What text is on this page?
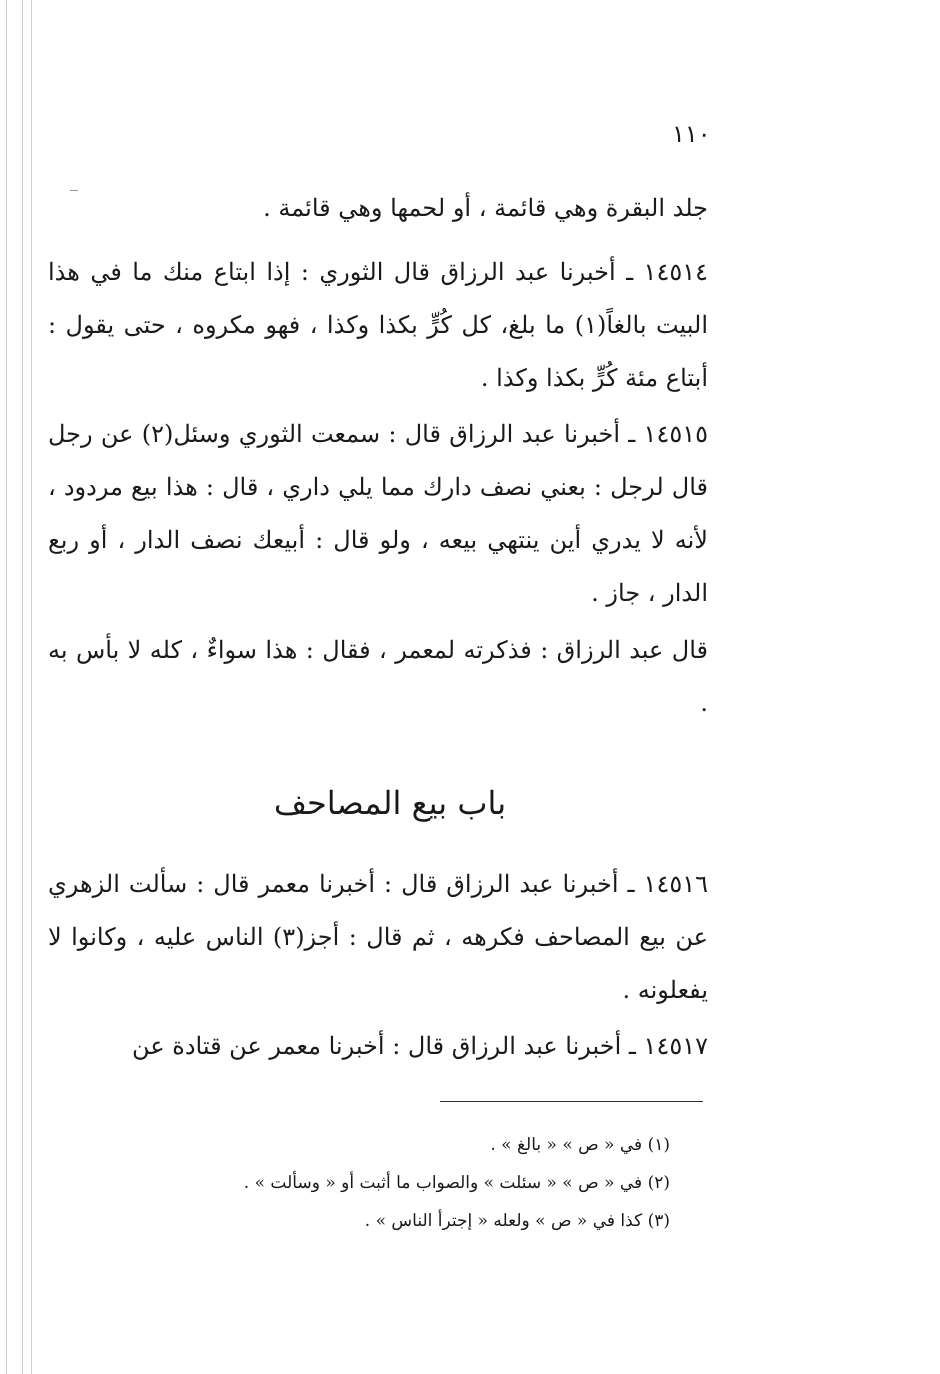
١١٠
جلد البقرة وهي قائمة ، أو لحمها وهي قائمة .
١٤٥١٤ ـ أخبرنا عبد الرزاق قال الثوري : إذا ابتاع منك ما في هذا البيت بالغاً(١) ما بلغ، كل كُرٍّ بكذا وكذا ، فهو مكروه ، حتى يقول : أبتاع مئة كُرٍّ بكذا وكذا .
١٤٥١٥ ـ أخبرنا عبد الرزاق قال : سمعت الثوري وسئل(٢) عن رجل قال لرجل : بعني نصف دارك مما يلي داري ، قال : هذا بيع مردود ، لأنه لا يدري أين ينتهي بيعه ، ولو قال : أبيعك نصف الدار ، أو ربع الدار ، جاز .
قال عبد الرزاق : فذكرته لمعمر ، فقال : هذا سواءٌ ، كله لا بأس به .
باب بيع المصاحف
١٤٥١٦ ـ أخبرنا عبد الرزاق قال : أخبرنا معمر قال : سألت الزهري عن بيع المصاحف فكرهه ، ثم قال : أجز(٣) الناس عليه ، وكانوا لا يفعلونه .
١٤٥١٧ ـ أخبرنا عبد الرزاق قال : أخبرنا معمر عن قتادة عن
(١) في « ص » « بالغ » .
(٢) في « ص » « سئلت » والصواب ما أثبت أو « وسألت » .
(٣) كذا في « ص » ولعله « إجترأ الناس » .
